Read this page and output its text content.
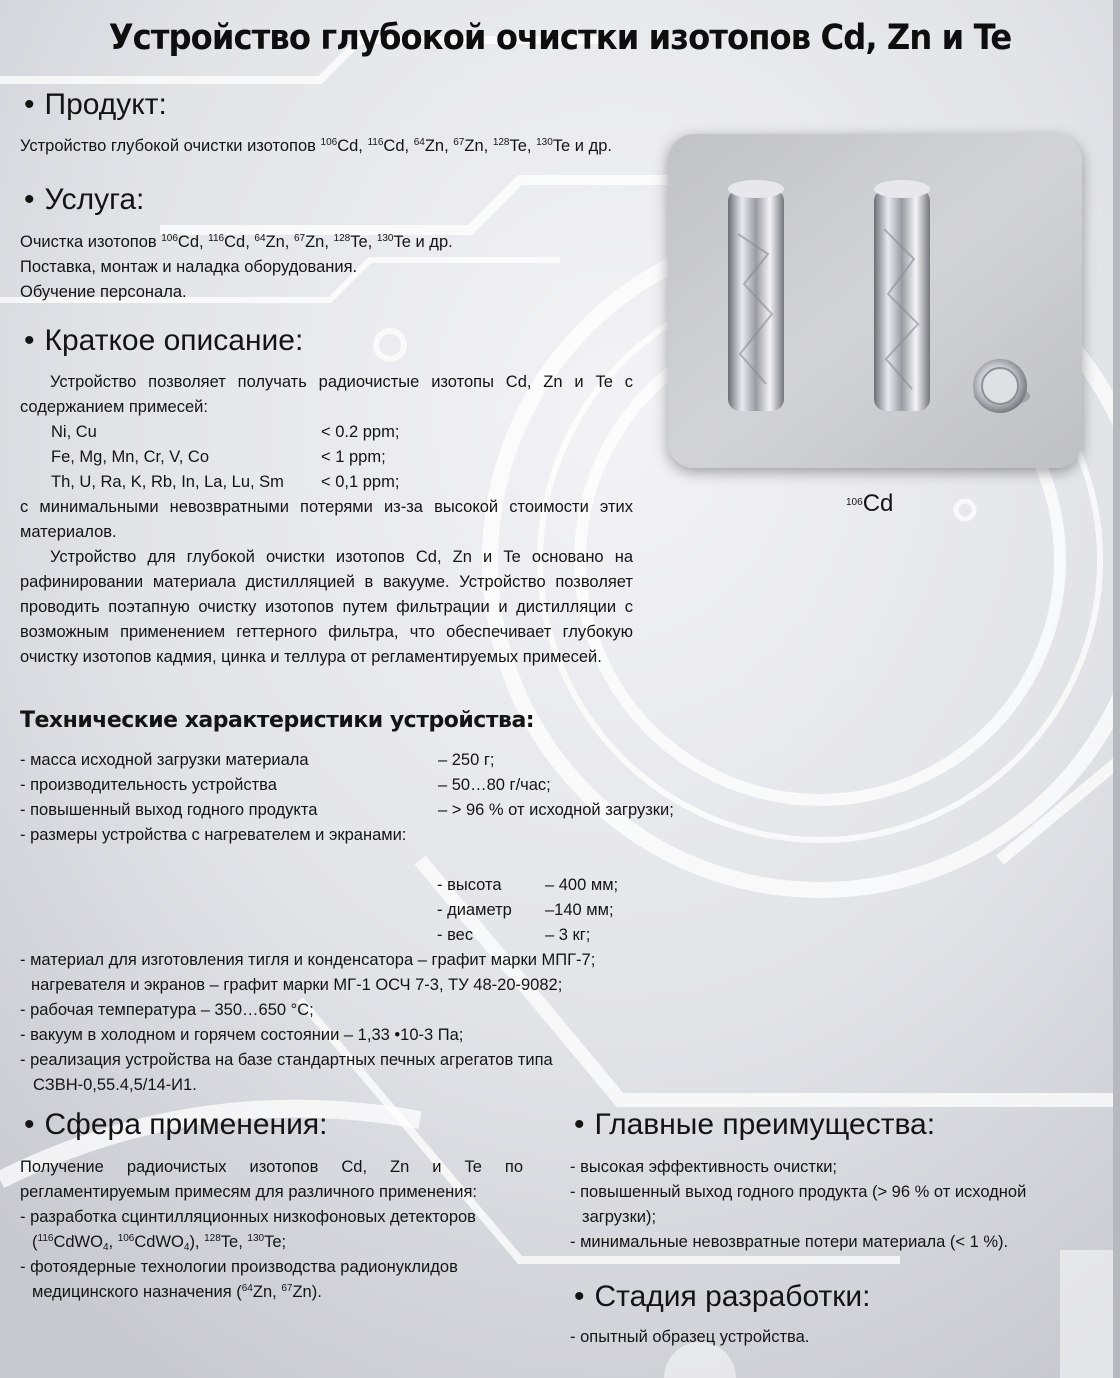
Устройство глубокой очистки изотопов Cd, Zn и Te
• Продукт:
Устройство глубокой очистки изотопов $^{106}$Cd, $^{116}$Cd, $^{64}$Zn, $^{67}$Zn, $^{128}$Te, $^{130}$Te и др.
• Услуга:
Очистка изотопов $^{106}$Cd, $^{116}$Cd, $^{64}$Zn, $^{67}$Zn, $^{128}$Te, $^{130}$Te и др.
Поставка, монтаж и наладка оборудования.
Обучение персонала.
• Краткое описание:
Устройство позволяет получать радиочистые изотопы Cd, Zn и Te с содержанием примесей:
Ni, Cu	< 0.2 ppm;
Fe, Mg, Mn, Cr, V, Co	< 1 ppm;
Th, U, Ra, K, Rb, In, La, Lu, Sm	< 0,1 ppm;
с минимальными невозвратными потерями из-за высокой стоимости этих материалов.
Устройство для глубокой очистки изотопов Cd, Zn и Te основано на рафинировании материала дистилляцией в вакууме. Устройство позволяет проводить поэтапную очистку изотопов путем фильтрации и дистилляции с возможным применением геттерного фильтра, что обеспечивает глубокую очистку изотопов кадмия, цинка и теллура от регламентируемых примесей.
$^{106}$Cd
Технические характеристики устройства:
- масса исходной загрузки материала	– 250 г;
- производительность устройства	– 50…80 г/час;
- повышенный выход годного продукта	– > 96 % от исходной загрузки;
- размеры устройства с нагревателем и экранами:
- высота	– 400 мм;
- диаметр	–140 мм;
- вес	– 3 кг;
- материал для изготовления тигля и конденсатора – графит марки МПГ-7;
нагревателя и экранов – графит марки МГ-1 ОСЧ 7-3, ТУ 48-20-9082;
- рабочая температура – 350…650 °С;
- вакуум в холодном и горячем состоянии – 1,33 •10-3 Па;
- реализация устройства на базе стандартных печных агрегатов типа
СЗВН-0,55.4,5/14-И1.
• Сфера применения:
Получение радиочистых изотопов Cd, Zn и Te по регламентируемым примесям для различного применения:
- разработка сцинтилляционных низкофоновых детекторов
($^{116}$CdWO$_4$, $^{106}$CdWO$_4$), $^{128}$Te, $^{130}$Te;
- фотоядерные технологии производства радионуклидов
медицинского назначения ($^{64}$Zn, $^{67}$Zn).
• Главные преимущества:
- высокая эффективность очистки;
- повышенный выход годного продукта (> 96 % от исходной
загрузки);
- минимальные невозвратные потери материала (< 1 %).
• Стадия разработки:
- опытный образец устройства.
